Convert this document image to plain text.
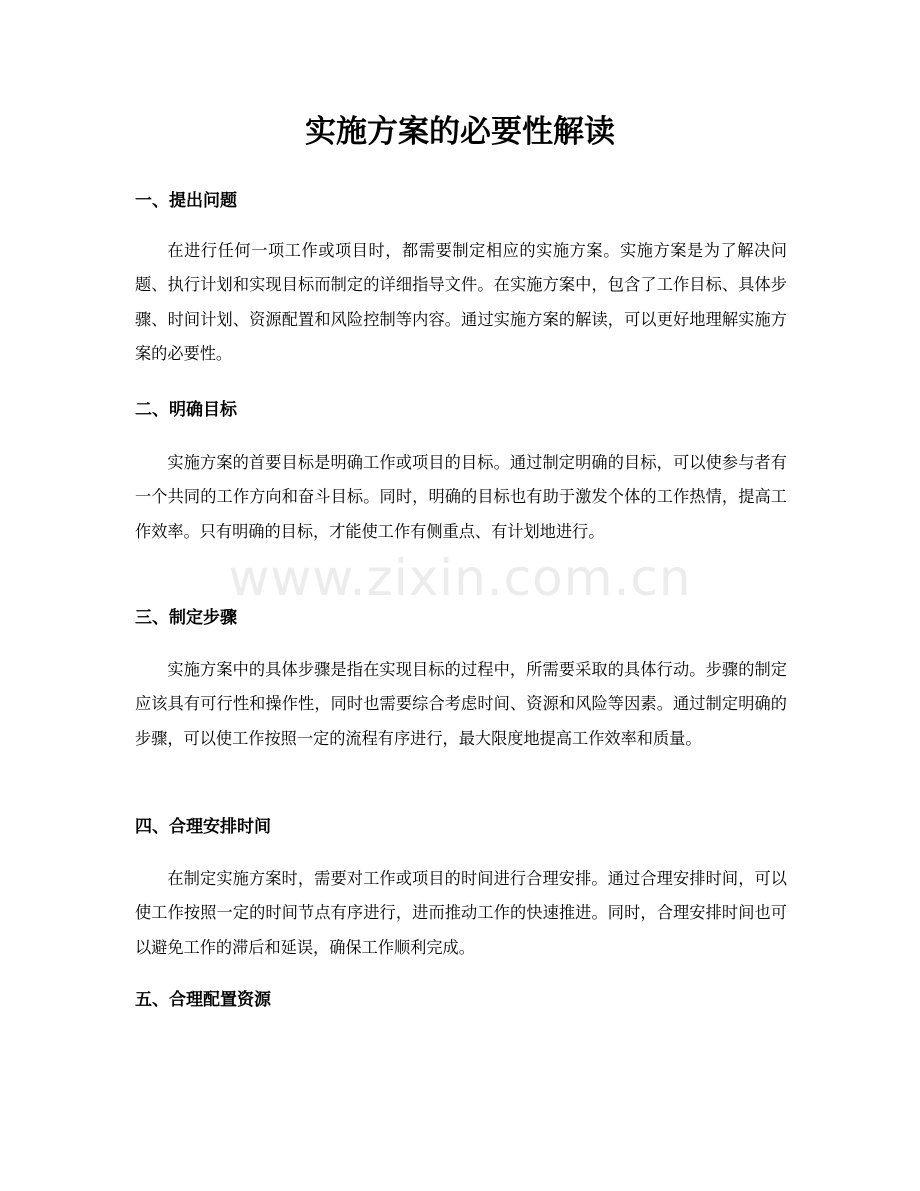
www.zixin.com.cn
实施方案的必要性解读
一、提出问题

在进行任何一项工作或项目时，都需要制定相应的实施方案。实施方案是为了解决问题、执行计划和实现目标而制定的详细指导文件。在实施方案中，包含了工作目标、具体步骤、时间计划、资源配置和风险控制等内容。通过实施方案的解读，可以更好地理解实施方案的必要性。

二、明确目标

实施方案的首要目标是明确工作或项目的目标。通过制定明确的目标，可以使参与者有一个共同的工作方向和奋斗目标。同时，明确的目标也有助于激发个体的工作热情，提高工作效率。只有明确的目标，才能使工作有侧重点、有计划地进行。

三、制定步骤

实施方案中的具体步骤是指在实现目标的过程中，所需要采取的具体行动。步骤的制定应该具有可行性和操作性，同时也需要综合考虑时间、资源和风险等因素。通过制定明确的步骤，可以使工作按照一定的流程有序进行，最大限度地提高工作效率和质量。

四、合理安排时间

在制定实施方案时，需要对工作或项目的时间进行合理安排。通过合理安排时间，可以使工作按照一定的时间节点有序进行，进而推动工作的快速推进。同时，合理安排时间也可以避免工作的滞后和延误，确保工作顺利完成。

五、合理配置资源
